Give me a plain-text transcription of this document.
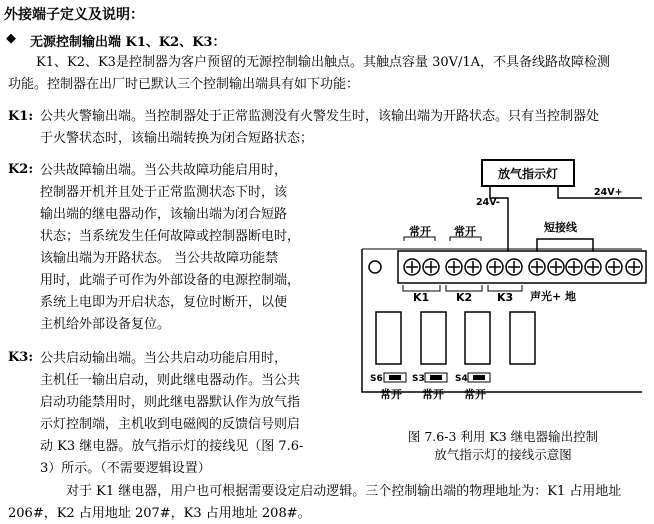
外接端子定义及说明：
◆ 无源控制输出端 K1、K2、K3：
K1、K2、K3是控制器为客户预留的无源控制输出触点。其触点容量 30V/1A，不具备线路故障检测
功能。控制器在出厂时已默认三个控制输出端具有如下功能：
K1: 公共火警输出端。当控制器处于正常监测没有火警发生时，该输出端为开路状态。只有当控制器处
于火警状态时，该输出端转换为闭合短路状态；
K2: 公共故障输出端。当公共故障功能启用时，
控制器开机并且处于正常监测状态下时，该
输出端的继电器动作，该输出端为闭合短路
状态；当系统发生任何故障或控制器断电时，
该输出端为开路状态。 当公共故障功能禁
用时，此端子可作为外部设备的电源控制端，
系统上电即为开启状态，复位时断开，以便
主机给外部设备复位。
K3: 公共启动输出端。当公共启动功能启用时，
主机任一输出启动，则此继电器动作。当公共
启动功能禁用时，则此继电器默认作为放气指
示灯控制端，主机收到电磁阀的反馈信号则启
动 K3 继电器。放气指示灯的接线见（图 7.6-
3）所示。（不需要逻辑设置）
对于 K1 继电器，用户也可根据需要设定启动逻辑。三个控制输出端的物理地址为：K1 占用地址
206#，K2 占用地址 207#，K3 占用地址 208#。
放气指示灯
24V+
24V-
常开 常开	短接线
K1 K2 K3 声光+ 地
S6	S3	S4
常开 常开 常开
图 7.6-3 利用 K3 继电器输出控制
放气指示灯的接线示意图
